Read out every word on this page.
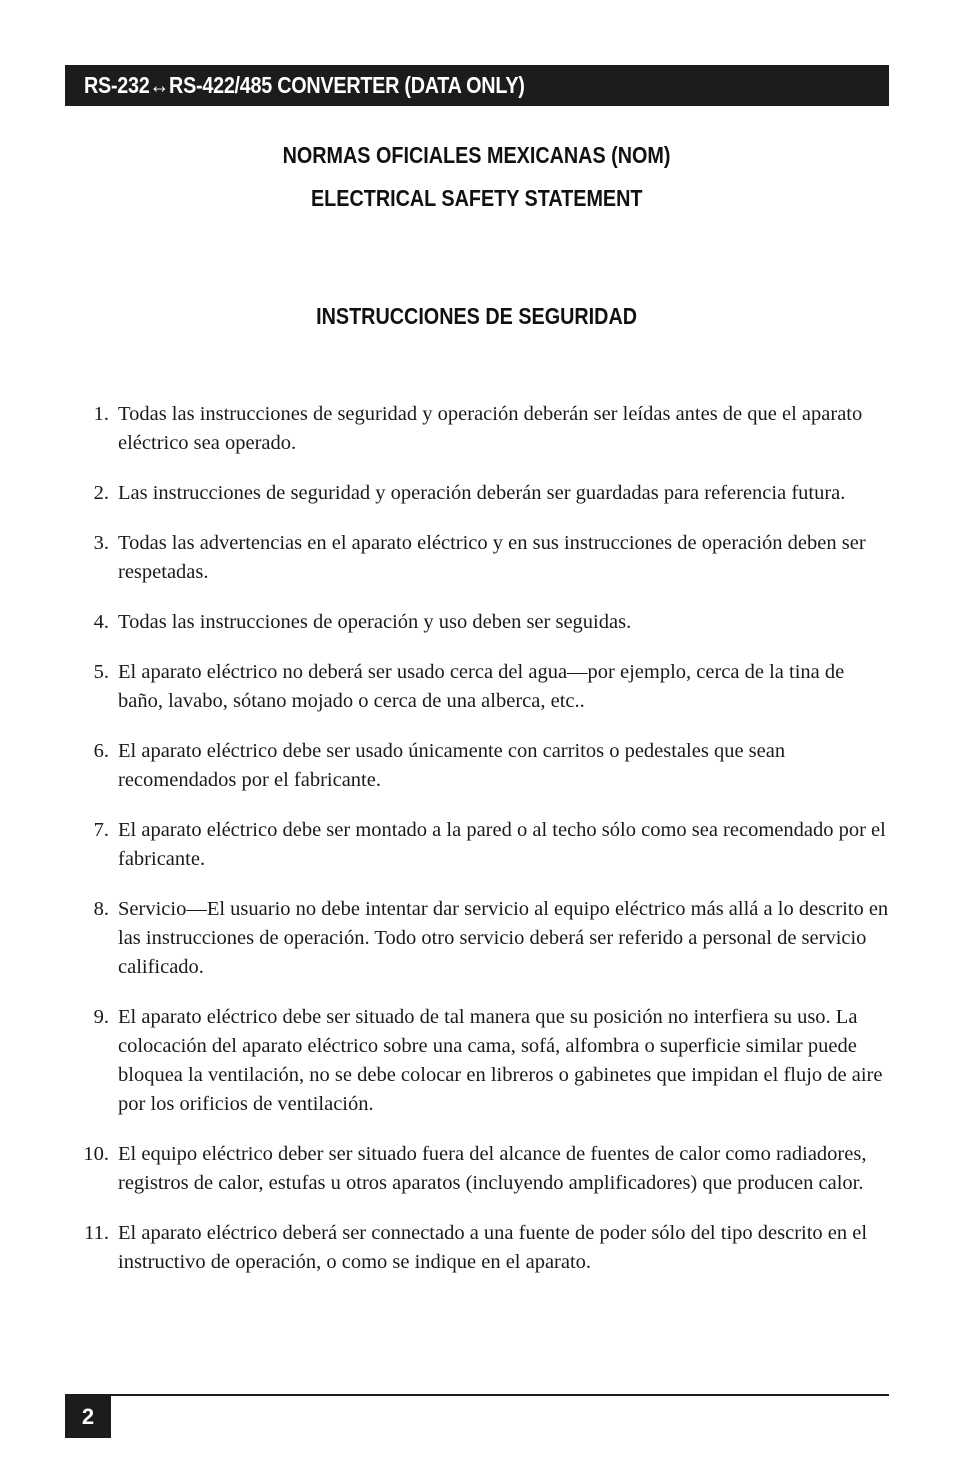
RS-232↔RS-422/485 CONVERTER (DATA ONLY)
NORMAS OFICIALES MEXICANAS (NOM)
ELECTRICAL SAFETY STATEMENT
INSTRUCCIONES DE SEGURIDAD
1. Todas las instrucciones de seguridad y operación deberán ser leídas antes de que el aparato eléctrico sea operado.
2. Las instrucciones de seguridad y operación deberán ser guardadas para referencia futura.
3. Todas las advertencias en el aparato eléctrico y en sus instrucciones de operación deben ser respetadas.
4. Todas las instrucciones de operación y uso deben ser seguidas.
5. El aparato eléctrico no deberá ser usado cerca del agua—por ejemplo, cerca de la tina de baño, lavabo, sótano mojado o cerca de una alberca, etc..
6. El aparato eléctrico debe ser usado únicamente con carritos o pedestales que sean recomendados por el fabricante.
7. El aparato eléctrico debe ser montado a la pared o al techo sólo como sea recomendado por el fabricante.
8. Servicio—El usuario no debe intentar dar servicio al equipo eléctrico más allá a lo descrito en las instrucciones de operación. Todo otro servicio deberá ser referido a personal de servicio calificado.
9. El aparato eléctrico debe ser situado de tal manera que su posición no interfiera su uso. La colocación del aparato eléctrico sobre una cama, sofá, alfombra o superficie similar puede bloquea la ventilación, no se debe colocar en libreros o gabinetes que impidan el flujo de aire por los orificios de ventilación.
10. El equipo eléctrico deber ser situado fuera del alcance de fuentes de calor como radiadores, registros de calor, estufas u otros aparatos (incluyendo amplificadores) que producen calor.
11. El aparato eléctrico deberá ser connectado a una fuente de poder sólo del tipo descrito en el instructivo de operación, o como se indique en el aparato.
2
